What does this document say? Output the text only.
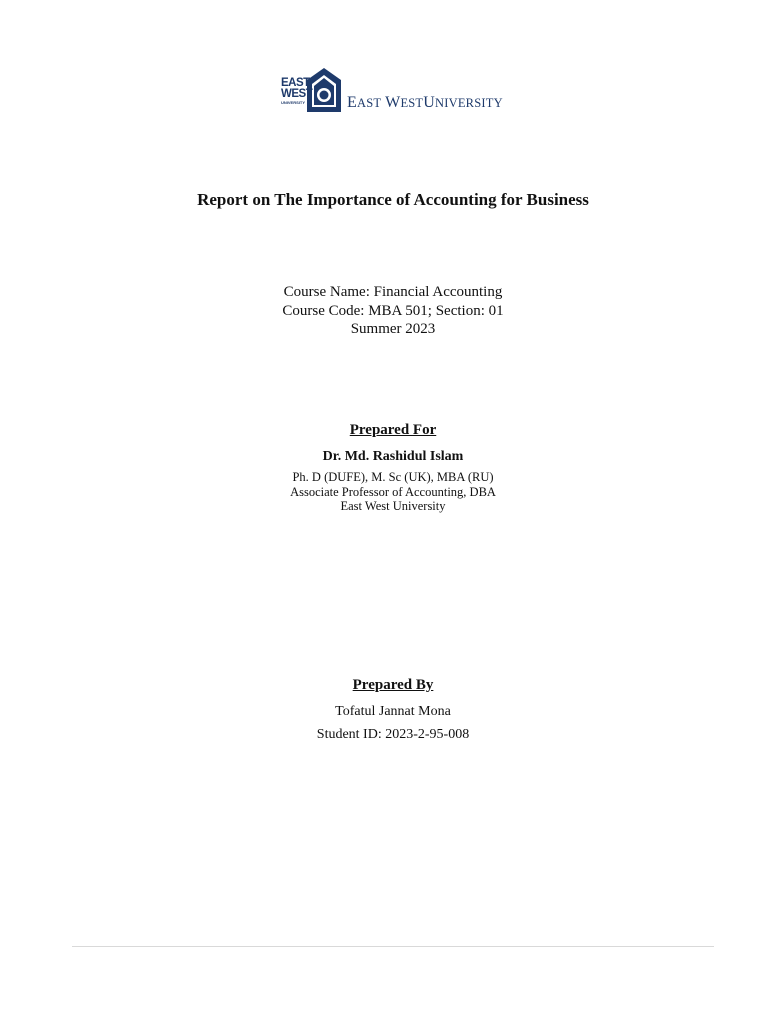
EAST
WEST
UNIVERSITY	EAST WESTUNIVERSITY
Report on The Importance of Accounting for Business
Course Name: Financial Accounting
Course Code: MBA 501; Section: 01
Summer 2023
Prepared For
Dr. Md. Rashidul Islam
Ph. D (DUFE), M. Sc (UK), MBA (RU)
Associate Professor of Accounting, DBA
East West University
Prepared By
Tofatul Jannat Mona
Student ID: 2023-2-95-008
